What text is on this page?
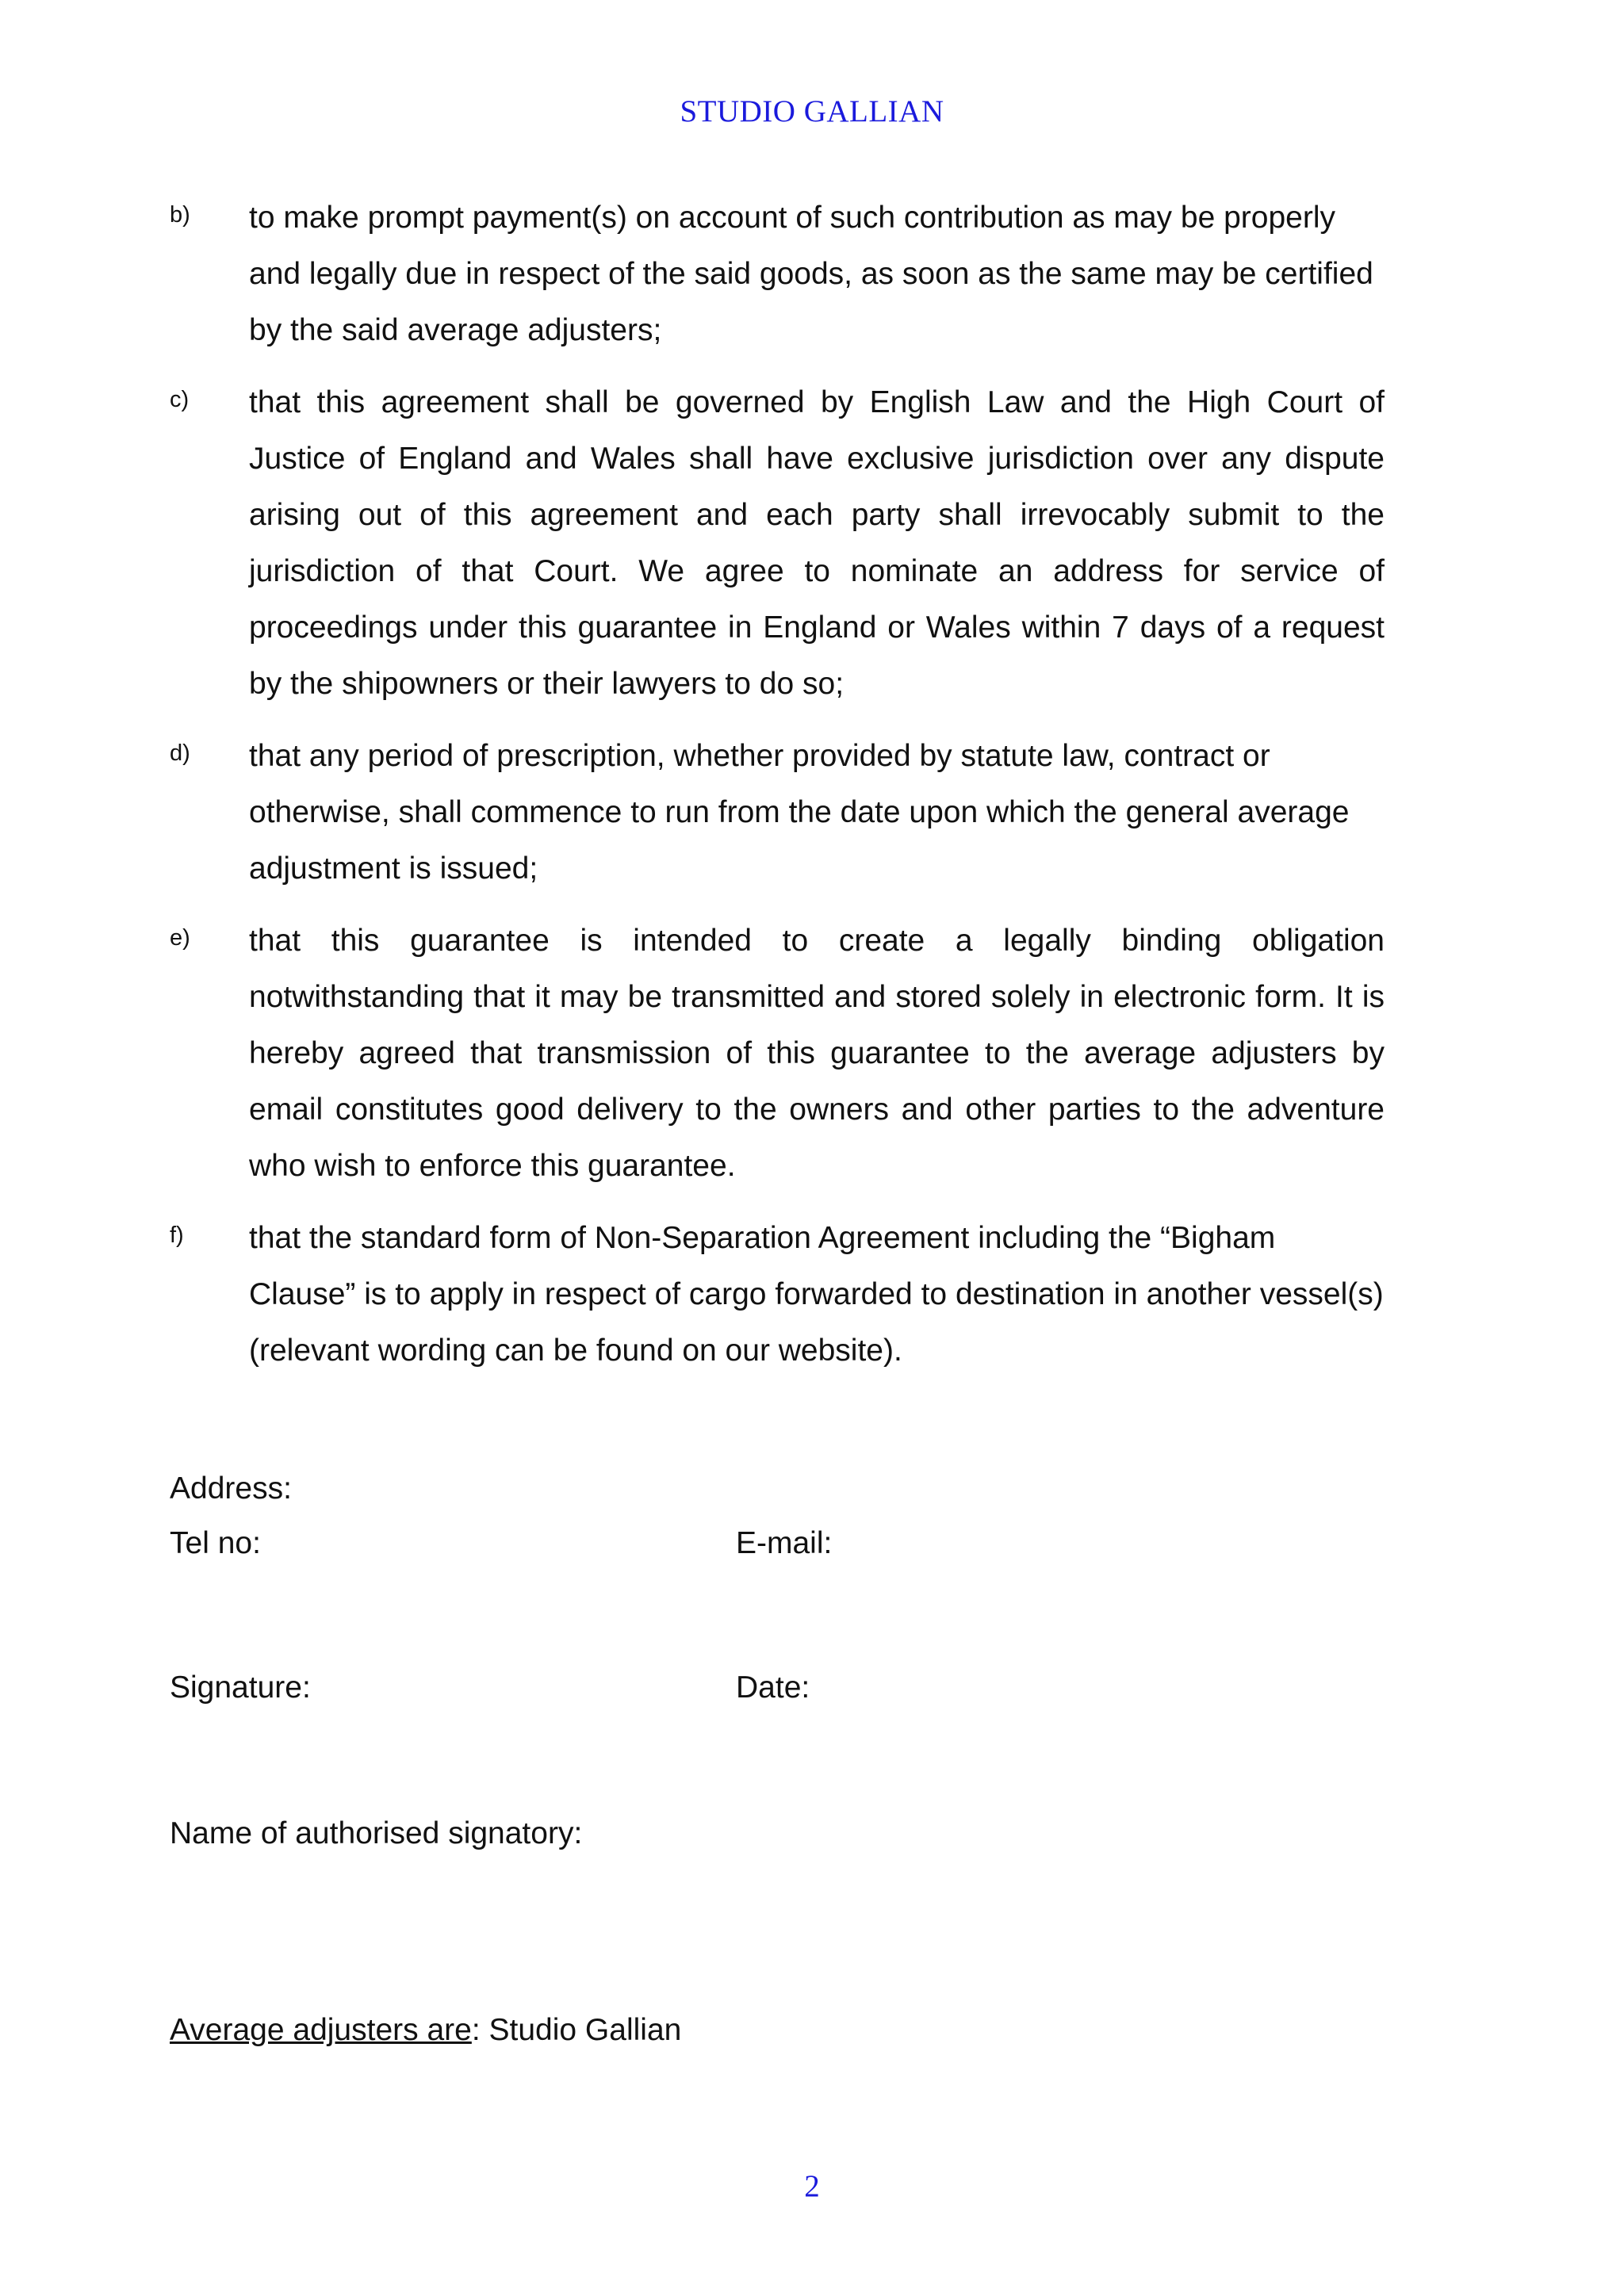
STUDIO GALLIAN
b) to make prompt payment(s) on account of such contribution as may be properly and legally due in respect of the said goods, as soon as the same may be certified by the said average adjusters;
c) that this agreement shall be governed by English Law and the High Court of Justice of England and Wales shall have exclusive jurisdiction over any dispute arising out of this agreement and each party shall irrevocably submit to the jurisdiction of that Court. We agree to nominate an address for service of proceedings under this guarantee in England or Wales within 7 days of a request by the shipowners or their lawyers to do so;
d) that any period of prescription, whether provided by statute law, contract or otherwise, shall commence to run from the date upon which the general average adjustment is issued;
e) that this guarantee is intended to create a legally binding obligation notwithstanding that it may be transmitted and stored solely in electronic form. It is hereby agreed that transmission of this guarantee to the average adjusters by email constitutes good delivery to the owners and other parties to the adventure who wish to enforce this guarantee.
f) that the standard form of Non-Separation Agreement including the “Bigham Clause” is to apply in respect of cargo forwarded to destination in another vessel(s) (relevant wording can be found on our website).
Address:
Tel no:	E-mail:
Signature:	Date:
Name of authorised signatory:
Average adjusters are: Studio Gallian
2
